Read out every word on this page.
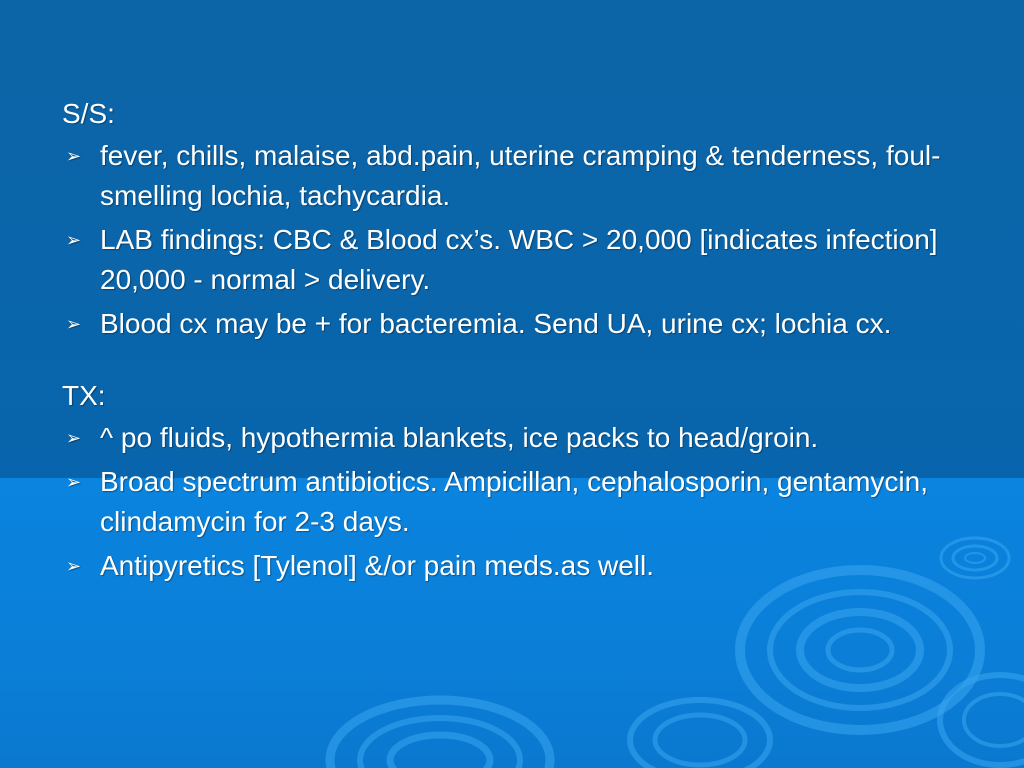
S/S:

➢ fever, chills, malaise, abd.pain, uterine cramping & tenderness, foul-smelling lochia, tachycardia.
➢ LAB findings: CBC & Blood cx’s. WBC > 20,000 [indicates infection] 20,000 - normal > delivery.
➢ Blood cx may be + for bacteremia. Send UA, urine cx; lochia cx.

TX:

➢ ^ po fluids, hypothermia blankets, ice packs to head/groin.
➢ Broad spectrum antibiotics. Ampicillan, cephalosporin, gentamycin, clindamycin for 2-3 days.
➢ Antipyretics [Tylenol] &/or pain meds.as well.
